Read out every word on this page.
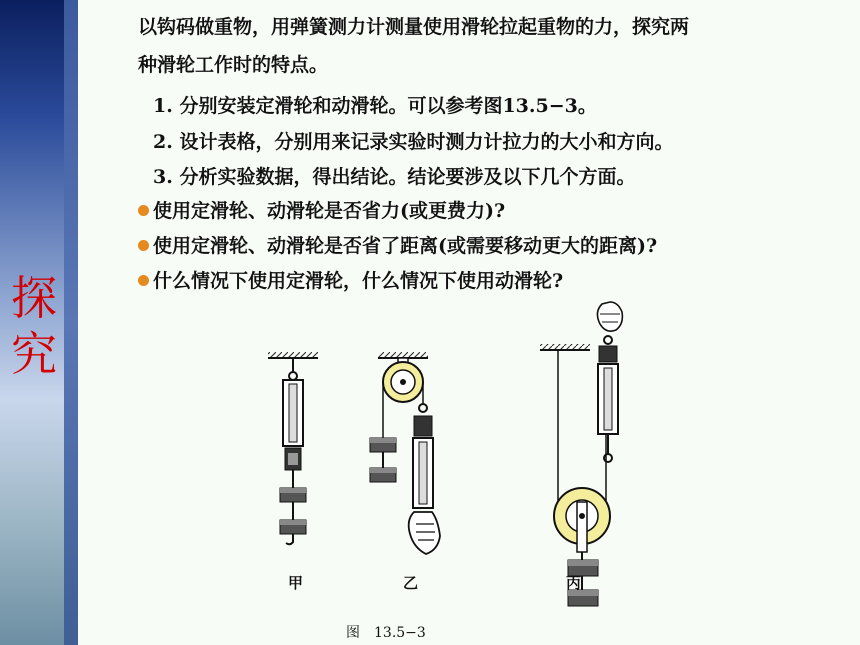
探究
以钩码做重物，用弹簧测力计测量使用滑轮拉起重物的力，探究两
种滑轮工作时的特点。
1. 分别安装定滑轮和动滑轮。可以参考图13.5−3。
2. 设计表格，分别用来记录实验时测力计拉力的大小和方向。
3. 分析实验数据，得出结论。结论要涉及以下几个方面。
使用定滑轮、动滑轮是否省力(或更费力)?
使用定滑轮、动滑轮是否省了距离(或需要移动更大的距离)?
什么情况下使用定滑轮，什么情况下使用动滑轮?
甲	乙	丙
图　13.5−3
